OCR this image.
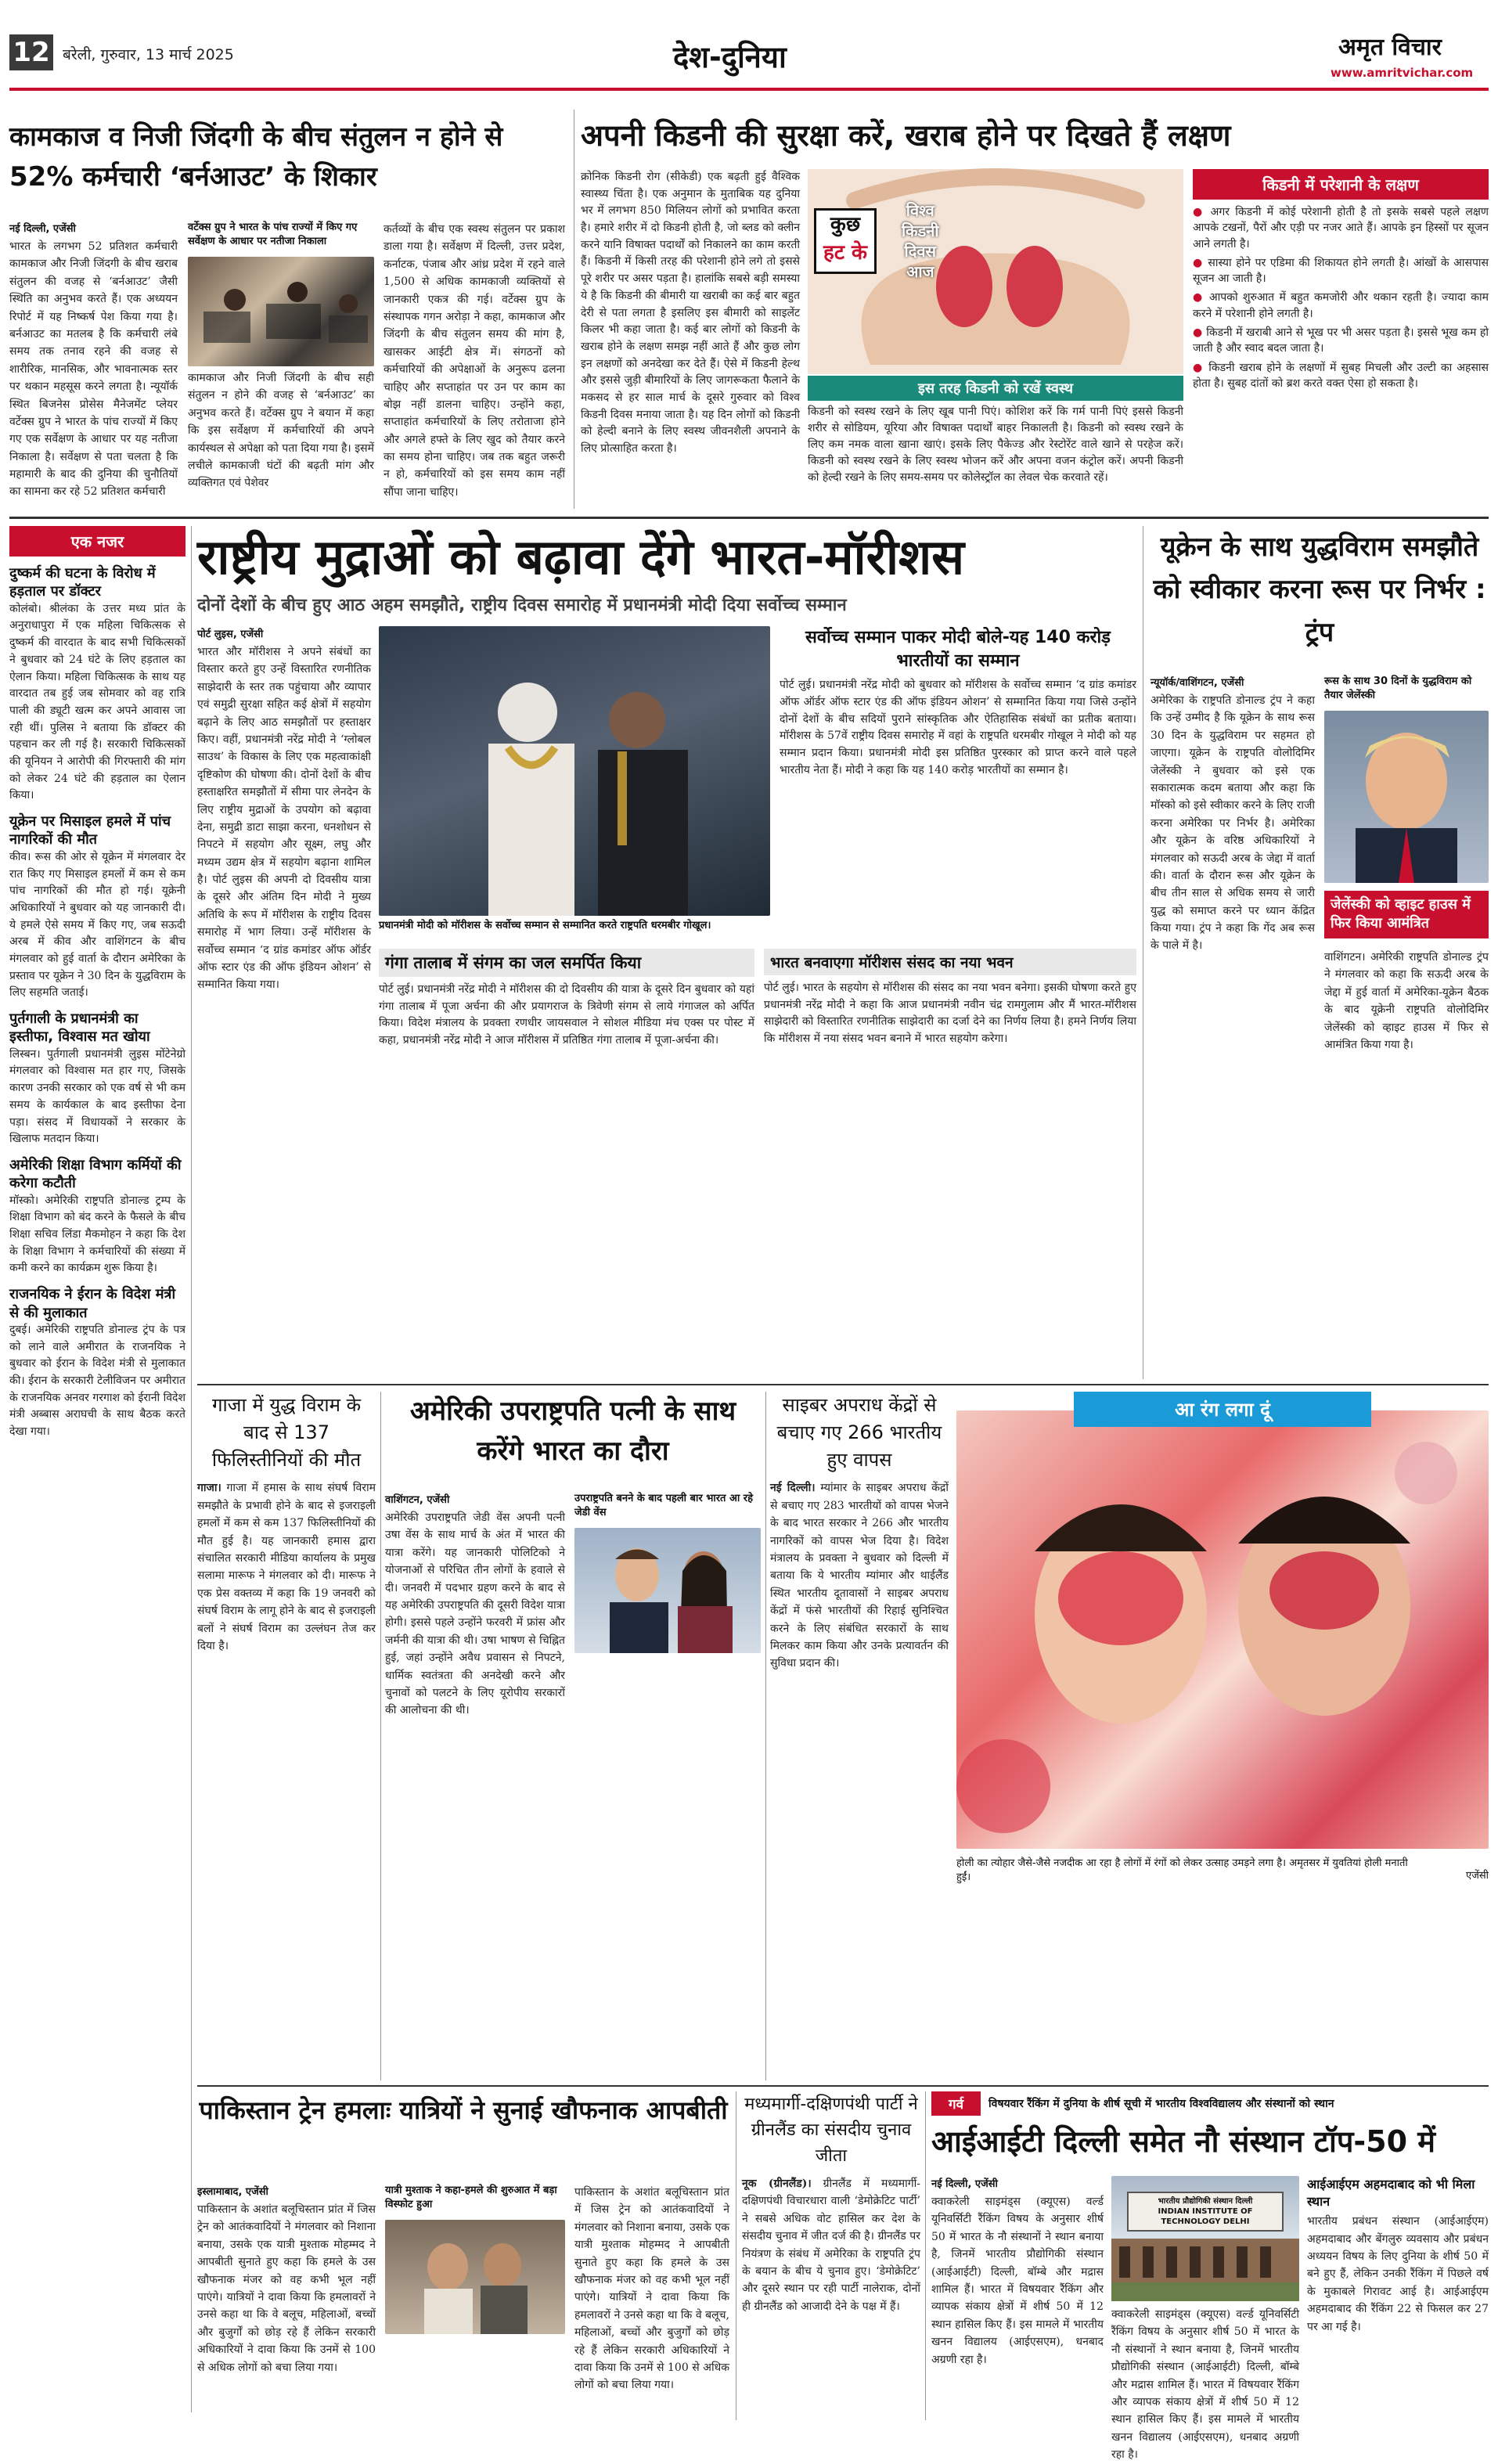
12 बरेली, गुरुवार, 13 मार्च 2025	देश-दुनिया	अमृत विचार
www.amritvichar.com
कामकाज व निजी जिंदगी के बीच संतुलन न होने से 52% कर्मचारी ‘बर्नआउट’ के शिकार
नई दिल्ली, एजेंसी
भारत के लगभग 52 प्रतिशत कर्मचारी कामकाज और निजी जिंदगी के बीच खराब संतुलन की वजह से ‘बर्नआउट’ जैसी स्थिति का अनुभव करते हैं। एक अध्ययन रिपोर्ट में यह निष्कर्ष पेश किया गया है। बर्नआउट का मतलब है कि कर्मचारी लंबे समय तक तनाव रहने की वजह से शारीरिक, मानसिक, और भावनात्मक स्तर पर थकान महसूस करने लगता है। न्यूयॉर्क स्थित बिजनेस प्रोसेस मैनेजमेंट प्लेयर वर्टेक्स ग्रुप ने भारत के पांच राज्यों में किए गए एक सर्वेक्षण के आधार पर यह नतीजा निकाला है। सर्वेक्षण से पता चलता है कि महामारी के बाद की दुनिया की चुनौतियों का सामना कर रहे 52 प्रतिशत कर्मचारी
वर्टेक्स ग्रुप ने भारत के पांच राज्यों में किए गए सर्वेक्षण के आधार पर नतीजा निकाला
कामकाज और निजी जिंदगी के बीच सही संतुलन न होने की वजह से ‘बर्नआउट’ का अनुभव करते हैं। वर्टेक्स ग्रुप ने बयान में कहा कि इस सर्वेक्षण में कर्मचारियों की अपने कार्यस्थल से अपेक्षा को पता दिया गया है। इसमें लचीले कामकाजी घंटों की बढ़ती मांग और व्यक्तिगत एवं पेशेवर
कर्तव्यों के बीच एक स्वस्थ संतुलन पर प्रकाश डाला गया है। सर्वेक्षण में दिल्ली, उत्तर प्रदेश, कर्नाटक, पंजाब और आंध्र प्रदेश में रहने वाले 1,500 से अधिक कामकाजी व्यक्तियों से जानकारी एकत्र की गई। वर्टेक्स ग्रुप के संस्थापक गगन अरोड़ा ने कहा, कामकाज और जिंदगी के बीच संतुलन समय की मांग है, खासकर आईटी क्षेत्र में। संगठनों को कर्मचारियों की अपेक्षाओं के अनुरूप ढलना चाहिए और सप्ताहांत पर उन पर काम का बोझ नहीं डालना चाहिए। उन्होंने कहा, सप्ताहांत कर्मचारियों के लिए तरोताजा होने और अगले हफ्ते के लिए खुद को तैयार करने का समय होना चाहिए। जब तक बहुत जरूरी न हो, कर्मचारियों को इस समय काम नहीं सौंपा जाना चाहिए।
अपनी किडनी की सुरक्षा करें, खराब होने पर दिखते हैं लक्षण
क्रोनिक किडनी रोग (सीकेडी) एक बढ़ती हुई वैश्विक स्वास्थ्य चिंता है। एक अनुमान के मुताबिक यह दुनिया भर में लगभग 850 मिलियन लोगों को प्रभावित करता है। हमारे शरीर में दो किडनी होती है, जो ब्लड को क्लीन करने यानि विषाक्त पदार्थों को निकालने का काम करती हैं। किडनी में किसी तरह की परेशानी होने लगे तो इससे पूरे शरीर पर असर पड़ता है। हालांकि सबसे बड़ी समस्या ये है कि किडनी की बीमारी या खराबी का कई बार बहुत देरी से पता लगता है इसलिए इस बीमारी को साइलेंट किलर भी कहा जाता है। कई बार लोगों को किडनी के खराब होने के लक्षण समझ नहीं आते हैं और कुछ लोग इन लक्षणों को अनदेखा कर देते हैं। ऐसे में किडनी हेल्थ और इससे जुड़ी बीमारियों के लिए जागरूकता फैलाने के मकसद से हर साल मार्च के दूसरे गुरुवार को विश्व किडनी दिवस मनाया जाता है। यह दिन लोगों को किडनी को हेल्दी बनाने के लिए स्वस्थ जीवनशैली अपनाने के लिए प्रोत्साहित करता है।
कुछ
हट के
विश्व
किडनी
दिवस
आज
इस तरह किडनी को रखें स्वस्थ
किडनी को स्वस्थ रखने के लिए खूब पानी पिएं। कोशिश करें कि गर्म पानी पिएं इससे किडनी शरीर से सोडियम, यूरिया और विषाक्त पदार्थों बाहर निकालती है। किडनी को स्वस्थ रखने के लिए कम नमक वाला खाना खाएं। इसके लिए पैकेज्ड और रेस्टोरेंट वाले खाने से परहेज करें। किडनी को स्वस्थ रखने के लिए स्वस्थ भोजन करें और अपना वजन कंट्रोल करें। अपनी किडनी को हेल्दी रखने के लिए समय-समय पर कोलेस्ट्रॉल का लेवल चेक करवाते रहें।
किडनी में परेशानी के लक्षण
● अगर किडनी में कोई परेशानी होती है तो इसके सबसे पहले लक्षण आपके टखनों, पैरों और एड़ी पर नजर आते हैं। आपके इन हिस्सों पर सूजन आने लगती है।
● सास्या होने पर एडिमा की शिकायत होने लगती है। आंखों के आसपास सूजन आ जाती है।
● आपको शुरुआत में बहुत कमजोरी और थकान रहती है। ज्यादा काम करने में परेशानी होने लगती है।
● किडनी में खराबी आने से भूख पर भी असर पड़ता है। इससे भूख कम हो जाती है और स्वाद बदल जाता है।
● किडनी खराब होने के लक्षणों में सुबह मिचली और उल्टी का अहसास होता है। सुबह दांतों को ब्रश करते वक्त ऐसा हो सकता है।
एक नजर
दुष्कर्म की घटना के विरोध में हड़ताल पर डॉक्टर
कोलंबो। श्रीलंका के उत्तर मध्य प्रांत के अनुराधापुरा में एक महिला चिकित्सक से दुष्कर्म की वारदात के बाद सभी चिकित्सकों ने बुधवार को 24 घंटे के लिए हड़ताल का ऐलान किया। महिला चिकित्सक के साथ यह वारदात तब हुई जब सोमवार को वह रात्रि पाली की ड्यूटी खत्म कर अपने आवास जा रही थीं। पुलिस ने बताया कि डॉक्टर की पहचान कर ली गई है। सरकारी चिकित्सकों की यूनियन ने आरोपी की गिरफ्तारी की मांग को लेकर 24 घंटे की हड़ताल का ऐलान किया।
यूक्रेन पर मिसाइल हमले में पांच नागरिकों की मौत
कीव। रूस की ओर से यूक्रेन में मंगलवार देर रात किए गए मिसाइल हमलों में कम से कम पांच नागरिकों की मौत हो गई। यूक्रेनी अधिकारियों ने बुधवार को यह जानकारी दी। ये हमले ऐसे समय में किए गए, जब सऊदी अरब में कीव और वाशिंगटन के बीच मंगलवार को हुई वार्ता के दौरान अमेरिका के प्रस्ताव पर यूक्रेन ने 30 दिन के युद्धविराम के लिए सहमति जताई।
पुर्तगाली के प्रधानमंत्री का इस्तीफा, विश्वास मत खोया
लिस्बन। पुर्तगाली प्रधानमंत्री लुइस मोंटेनेग्रो मंगलवार को विश्वास मत हार गए, जिसके कारण उनकी सरकार को एक वर्ष से भी कम समय के कार्यकाल के बाद इस्तीफा देना पड़ा। संसद में विधायकों ने सरकार के खिलाफ मतदान किया।
अमेरिकी शिक्षा विभाग कर्मियों की करेगा कटौती
मॉस्को। अमेरिकी राष्ट्रपति डोनाल्ड ट्रम्प के शिक्षा विभाग को बंद करने के फैसले के बीच शिक्षा सचिव लिंडा मैकमोहन ने कहा कि देश के शिक्षा विभाग ने कर्मचारियों की संख्या में कमी करने का कार्यक्रम शुरू किया है।
राजनयिक ने ईरान के विदेश मंत्री से की मुलाकात
दुबई। अमेरिकी राष्ट्रपति डोनाल्ड ट्रंप के पत्र को लाने वाले अमीरात के राजनयिक ने बुधवार को ईरान के विदेश मंत्री से मुलाकात की। ईरान के सरकारी टेलीविजन पर अमीरात के राजनयिक अनवर गरगाश को ईरानी विदेश मंत्री अब्बास अराघची के साथ बैठक करते देखा गया।
राष्ट्रीय मुद्राओं को बढ़ावा देंगे भारत-मॉरीशस
दोनों देशों के बीच हुए आठ अहम समझौते, राष्ट्रीय दिवस समारोह में प्रधानमंत्री मोदी दिया सर्वोच्च सम्मान
पोर्ट लुइस, एजेंसी
भारत और मॉरीशस ने अपने संबंधों का विस्तार करते हुए उन्हें विस्तारित रणनीतिक साझेदारी के स्तर तक पहुंचाया और व्यापार एवं समुद्री सुरक्षा सहित कई क्षेत्रों में सहयोग बढ़ाने के लिए आठ समझौतों पर हस्ताक्षर किए। वहीं, प्रधानमंत्री नरेंद्र मोदी ने ‘ग्लोबल साउथ’ के विकास के लिए एक महत्वाकांक्षी दृष्टिकोण की घोषणा की। दोनों देशों के बीच हस्ताक्षरित समझौतों में सीमा पार लेनदेन के लिए राष्ट्रीय मुद्राओं के उपयोग को बढ़ावा देना, समुद्री डाटा साझा करना, धनशोधन से निपटने में सहयोग और सूक्ष्म, लघु और मध्यम उद्यम क्षेत्र में सहयोग बढ़ाना शामिल है। पोर्ट लुइस की अपनी दो दिवसीय यात्रा के दूसरे और अंतिम दिन मोदी ने मुख्य अतिथि के रूप में मॉरीशस के राष्ट्रीय दिवस समारोह में भाग लिया। उन्हें मॉरीशस के सर्वोच्च सम्मान ‘द ग्रांड कमांडर ऑफ ऑर्डर ऑफ स्टार एंड की ऑफ इंडियन ओशन’ से सम्मानित किया गया।
प्रधानमंत्री मोदी को मॉरीशस के सर्वोच्च सम्मान से सम्मानित करते राष्ट्रपति धरमबीर गोखूल।
सर्वोच्च सम्मान पाकर मोदी बोले-यह 140 करोड़ भारतीयों का सम्मान
पोर्ट लुई। प्रधानमंत्री नरेंद्र मोदी को बुधवार को मॉरीशस के सर्वोच्च सम्मान ‘द ग्रांड कमांडर ऑफ ऑर्डर ऑफ स्टार एंड की ऑफ इंडियन ओशन’ से सम्मानित किया गया जिसे उन्होंने दोनों देशों के बीच सदियों पुराने सांस्कृतिक और ऐतिहासिक संबंधों का प्रतीक बताया। मॉरीशस के 57वें राष्ट्रीय दिवस समारोह में वहां के राष्ट्रपति धरमबीर गोखूल ने मोदी को यह सम्मान प्रदान किया। प्रधानमंत्री मोदी इस प्रतिष्ठित पुरस्कार को प्राप्त करने वाले पहले भारतीय नेता हैं। मोदी ने कहा कि यह 140 करोड़ भारतीयों का सम्मान है।
गंगा तालाब में संगम का जल समर्पित किया
पोर्ट लुई। प्रधानमंत्री नरेंद्र मोदी ने मॉरीशस की दो दिवसीय की यात्रा के दूसरे दिन बुधवार को यहां गंगा तालाब में पूजा अर्चना की और प्रयागराज के त्रिवेणी संगम से लाये गंगाजल को अर्पित किया। विदेश मंत्रालय के प्रवक्ता रणधीर जायसवाल ने सोशल मीडिया मंच एक्स पर पोस्ट में कहा, प्रधानमंत्री नरेंद्र मोदी ने आज मॉरीशस में प्रतिष्ठित गंगा तालाब में पूजा-अर्चना की।
भारत बनवाएगा मॉरीशस संसद का नया भवन
पोर्ट लुई। भारत के सहयोग से मॉरीशस की संसद का नया भवन बनेगा। इसकी घोषणा करते हुए प्रधानमंत्री नरेंद्र मोदी ने कहा कि आज प्रधानमंत्री नवीन चंद्र रामगुलाम और मैं भारत-मॉरीशस साझेदारी को विस्तारित रणनीतिक साझेदारी का दर्जा देने का निर्णय लिया है। हमने निर्णय लिया कि मॉरीशस में नया संसद भवन बनाने में भारत सहयोग करेगा।
यूक्रेन के साथ युद्धविराम समझौते को स्वीकार करना रूस पर निर्भर : ट्रंप
न्यूयॉर्क/वाशिंगटन, एजेंसी
अमेरिका के राष्ट्रपति डोनाल्ड ट्रंप ने कहा कि उन्हें उम्मीद है कि यूक्रेन के साथ रूस 30 दिन के युद्धविराम पर सहमत हो जाएगा। यूक्रेन के राष्ट्रपति वोलोदिमिर जेलेंस्की ने बुधवार को इसे एक सकारात्मक कदम बताया और कहा कि मॉस्को को इसे स्वीकार करने के लिए राजी करना अमेरिका पर निर्भर है। अमेरिका और यूक्रेन के वरिष्ठ अधिकारियों ने मंगलवार को सऊदी अरब के जेद्दा में वार्ता की। वार्ता के दौरान रूस और यूक्रेन के बीच तीन साल से अधिक समय से जारी युद्ध को समाप्त करने पर ध्यान केंद्रित किया गया। ट्रंप ने कहा कि गेंद अब रूस के पाले में है।
रूस के साथ 30 दिनों के युद्धविराम को तैयार जेलेंस्की
जेलेंस्की को व्हाइट हाउस में फिर किया आमंत्रित
वाशिंगटन। अमेरिकी राष्ट्रपति डोनाल्ड ट्रंप ने मंगलवार को कहा कि सऊदी अरब के जेद्दा में हुई वार्ता में अमेरिका-यूक्रेन बैठक के बाद यूक्रेनी राष्ट्रपति वोलोदिमिर जेलेंस्की को व्हाइट हाउस में फिर से आमंत्रित किया गया है।
गाजा में युद्ध विराम के बाद से 137 फिलिस्तीनियों की मौत
गाजा। गाजा में हमास के साथ संघर्ष विराम समझौते के प्रभावी होने के बाद से इजराइली हमलों में कम से कम 137 फिलिस्तीनियों की मौत हुई है। यह जानकारी हमास द्वारा संचालित सरकारी मीडिया कार्यालय के प्रमुख सलामा मारूफ ने मंगलवार को दी। मारूफ ने एक प्रेस वक्तव्य में कहा कि 19 जनवरी को संघर्ष विराम के लागू होने के बाद से इजराइली बलों ने संघर्ष विराम का उल्लंघन तेज कर दिया है।
अमेरिकी उपराष्ट्रपति पत्नी के साथ करेंगे भारत का दौरा
वाशिंगटन, एजेंसी
अमेरिकी उपराष्ट्रपति जेडी वेंस अपनी पत्नी उषा वेंस के साथ मार्च के अंत में भारत की यात्रा करेंगे। यह जानकारी पोलिटिको ने योजनाओं से परिचित तीन लोगों के हवाले से दी। जनवरी में पदभार ग्रहण करने के बाद से यह अमेरिकी उपराष्ट्रपति की दूसरी विदेश यात्रा होगी। इससे पहले उन्होंने फरवरी में फ्रांस और जर्मनी की यात्रा की थी। उषा भाषण से चिह्नित हुई, जहां उन्होंने अवैध प्रवासन से निपटने, धार्मिक स्वतंत्रता की अनदेखी करने और चुनावों को पलटने के लिए यूरोपीय सरकारों की आलोचना की थी।
उपराष्ट्रपति बनने के बाद पहली बार भारत आ रहे जेडी वेंस
साइबर अपराध केंद्रों से बचाए गए 266 भारतीय हुए वापस
नई दिल्ली। म्यांमार के साइबर अपराध केंद्रों से बचाए गए 283 भारतीयों को वापस भेजने के बाद भारत सरकार ने 266 और भारतीय नागरिकों को वापस भेज दिया है। विदेश मंत्रालय के प्रवक्ता ने बुधवार को दिल्ली में बताया कि ये भारतीय म्यांमार और थाईलैंड स्थित भारतीय दूतावासों ने साइबर अपराध केंद्रों में फंसे भारतीयों की रिहाई सुनिश्चित करने के लिए संबंधित सरकारों के साथ मिलकर काम किया और उनके प्रत्यावर्तन की सुविधा प्रदान की।
आ रंग लगा दूं
होली का त्योहार जैसे-जैसे नजदीक आ रहा है लोगों में रंगों को लेकर उत्साह उमड़ने लगा है। अमृतसर में युवतियां होली मनाती हुईं।	एजेंसी
पाकिस्तान ट्रेन हमलाः यात्रियों ने सुनाई खौफनाक आपबीती
इस्लामाबाद, एजेंसी
पाकिस्तान के अशांत बलूचिस्तान प्रांत में जिस ट्रेन को आतंकवादियों ने मंगलवार को निशाना बनाया, उसके एक यात्री मुश्ताक मोहम्मद ने आपबीती सुनाते हुए कहा कि हमले के उस खौफनाक मंजर को वह कभी भूल नहीं पाएंगे। यात्रियों ने दावा किया कि हमलावरों ने उनसे कहा था कि वे बलूच, महिलाओं, बच्चों और बुजुर्गों को छोड़ रहे हैं लेकिन सरकारी अधिकारियों ने दावा किया कि उनमें से 100 से अधिक लोगों को बचा लिया गया।
यात्री मुश्ताक ने कहा-हमले की शुरुआत में बड़ा विस्फोट हुआ
पाकिस्तान के अशांत बलूचिस्तान प्रांत में जिस ट्रेन को आतंकवादियों ने मंगलवार को निशाना बनाया, उसके एक यात्री मुश्ताक मोहम्मद ने आपबीती सुनाते हुए कहा कि हमले के उस खौफनाक मंजर को वह कभी भूल नहीं पाएंगे। यात्रियों ने दावा किया कि हमलावरों ने उनसे कहा था कि वे बलूच, महिलाओं, बच्चों और बुजुर्गों को छोड़ रहे हैं लेकिन सरकारी अधिकारियों ने दावा किया कि उनमें से 100 से अधिक लोगों को बचा लिया गया।
मध्यमार्गी-दक्षिणपंथी पार्टी ने ग्रीनलैंड का संसदीय चुनाव जीता
नूक (ग्रीनलैंड)। ग्रीनलैंड में मध्यमार्गी-दक्षिणपंथी विचारधारा वाली ‘डेमोक्रेटिट पार्टी’ ने सबसे अधिक वोट हासिल कर देश के संसदीय चुनाव में जीत दर्ज की है। ग्रीनलैंड पर नियंत्रण के संबंध में अमेरिका के राष्ट्रपति ट्रंप के बयान के बीच ये चुनाव हुए। ‘डेमोक्रेटिट’ और दूसरे स्थान पर रही पार्टी नालेराक, दोनों ही ग्रीनलैंड को आजादी देने के पक्ष में हैं।
गर्व	विषयवार रैंकिंग में दुनिया के शीर्ष सूची में भारतीय विश्वविद्यालय और संस्थानों को स्थान
आईआईटी दिल्ली समेत नौ संस्थान टॉप-50 में
नई दिल्ली, एजेंसी
क्वाकरेली साइमंड्स (क्यूएस) वर्ल्ड यूनिवर्सिटी रैंकिंग विषय के अनुसार शीर्ष 50 में भारत के नौ संस्थानों ने स्थान बनाया है, जिनमें भारतीय प्रौद्योगिकी संस्थान (आईआईटी) दिल्ली, बॉम्बे और मद्रास शामिल हैं। भारत में विषयवार रैंकिंग और व्यापक संकाय क्षेत्रों में शीर्ष 50 में 12 स्थान हासिल किए हैं। इस मामले में भारतीय खनन विद्यालय (आईएसएम), धनबाद अग्रणी रहा है।
भारतीय प्रौद्योगिकी संस्थान दिल्ली
INDIAN INSTITUTE OF TECHNOLOGY DELHI
क्वाकरेली साइमंड्स (क्यूएस) वर्ल्ड यूनिवर्सिटी रैंकिंग विषय के अनुसार शीर्ष 50 में भारत के नौ संस्थानों ने स्थान बनाया है, जिनमें भारतीय प्रौद्योगिकी संस्थान (आईआईटी) दिल्ली, बॉम्बे और मद्रास शामिल हैं। भारत में विषयवार रैंकिंग और व्यापक संकाय क्षेत्रों में शीर्ष 50 में 12 स्थान हासिल किए हैं। इस मामले में भारतीय खनन विद्यालय (आईएसएम), धनबाद अग्रणी रहा है।
आईआईएम अहमदाबाद को भी मिला स्थान
भारतीय प्रबंधन संस्थान (आईआईएम) अहमदाबाद और बेंगलुरु व्यवसाय और प्रबंधन अध्ययन विषय के लिए दुनिया के शीर्ष 50 में बने हुए हैं, लेकिन उनकी रैंकिंग में पिछले वर्ष के मुकाबले गिरावट आई है। आईआईएम अहमदाबाद की रैंकिंग 22 से फिसल कर 27 पर आ गई है।
